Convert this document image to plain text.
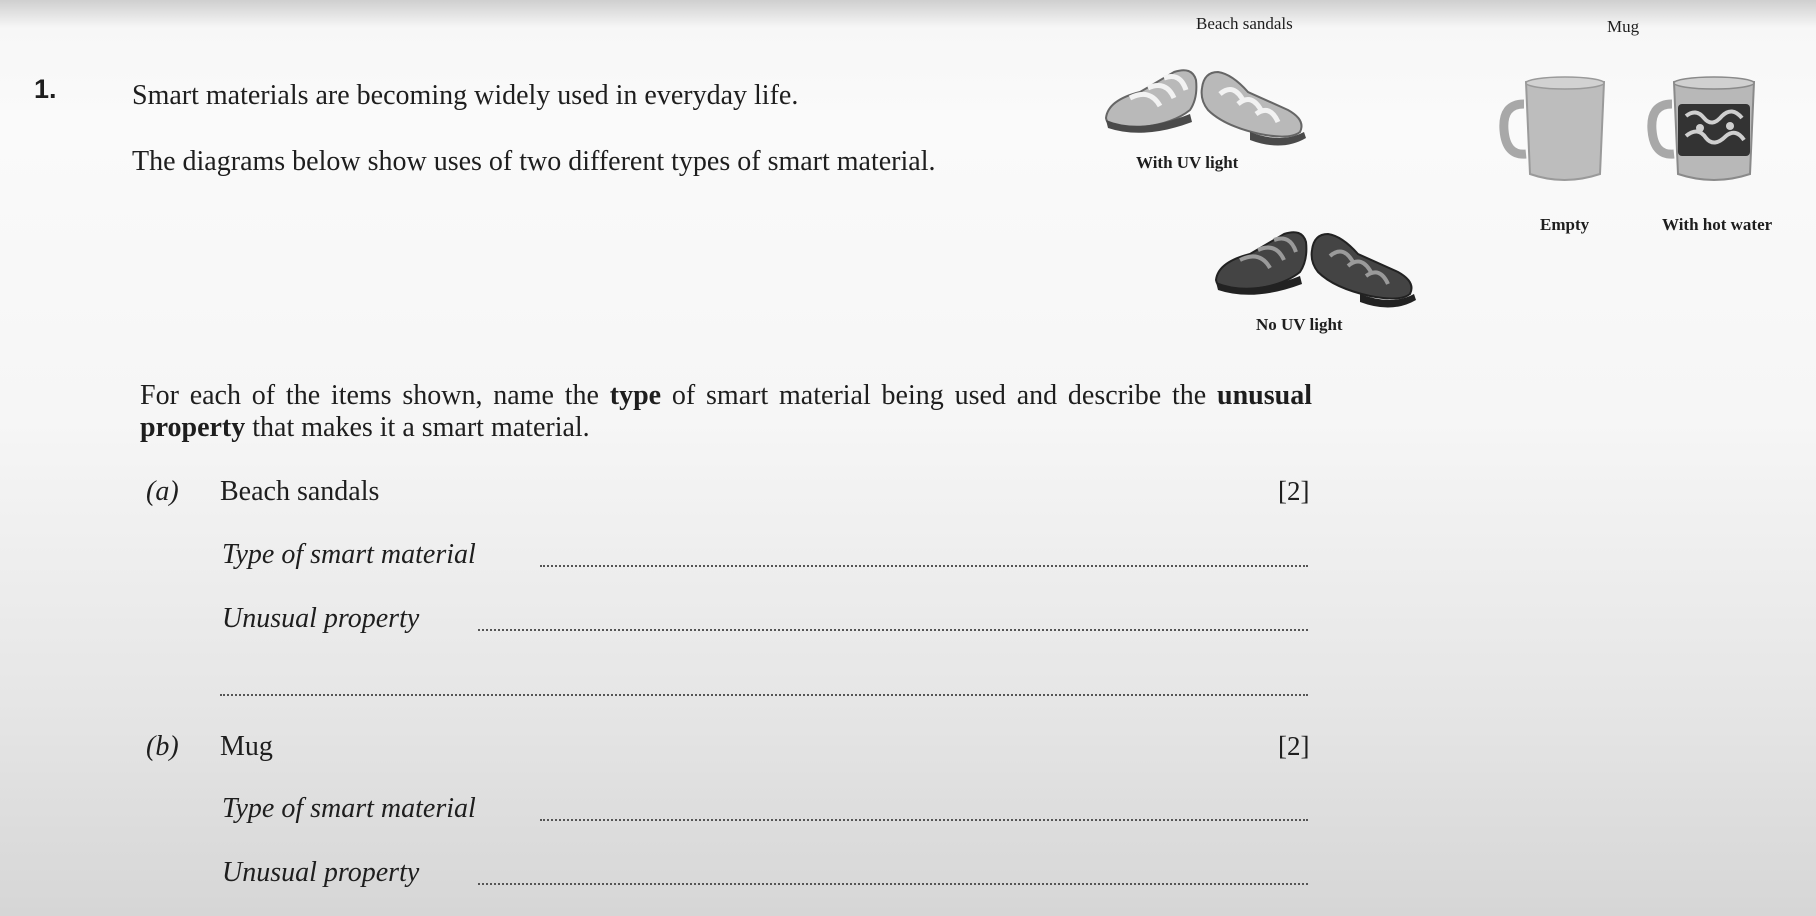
1.	Smart materials are becoming widely used in everyday life.
The diagrams below show uses of two different types of smart material.
Beach sandals
With UV light
No UV light
Mug
Empty	With hot water
For each of the items shown, name the type of smart material being used and describe the unusual property that makes it a smart material.
(a) Beach sandals	[2]
Type of smart material
Unusual property
(b) Mug	[2]
Type of smart material
Unusual property
